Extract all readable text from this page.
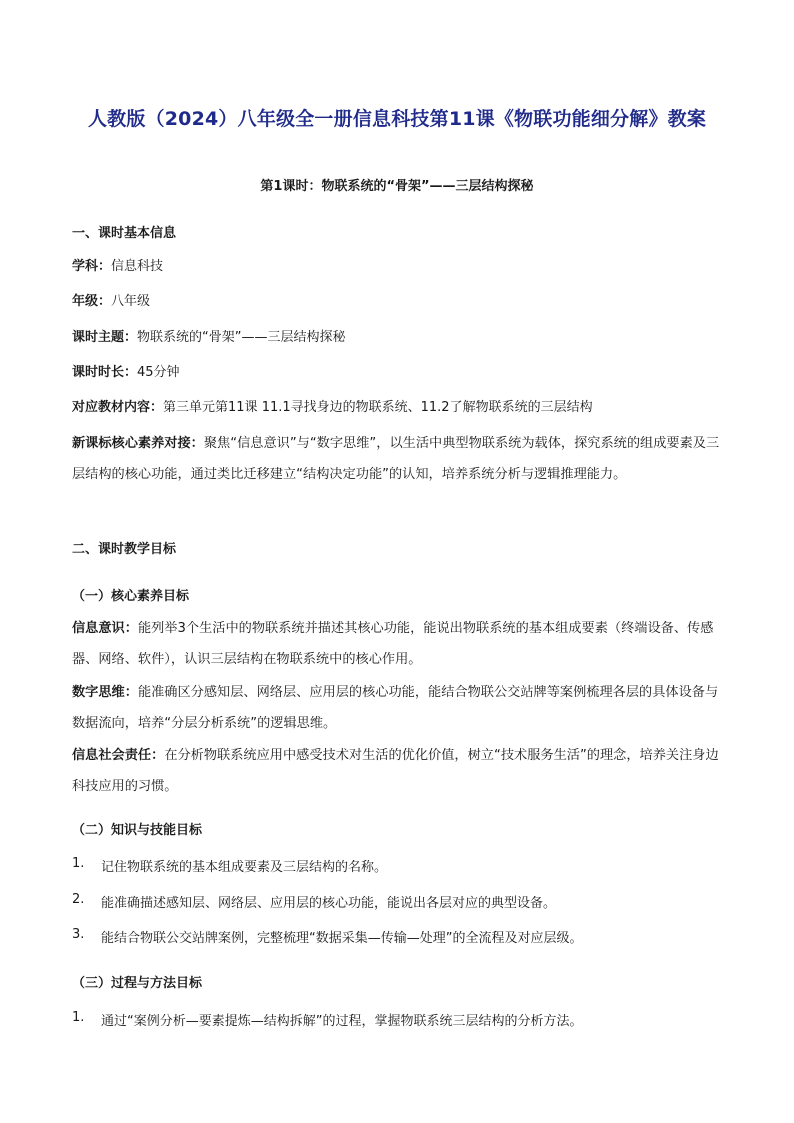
人教版（2024）八年级全一册信息科技第11课《物联功能细分解》教案
第1课时：物联系统的“骨架”——三层结构探秘
一、课时基本信息
学科：信息科技
年级：八年级
课时主题：物联系统的“骨架”——三层结构探秘
课时时长：45分钟
对应教材内容：第三单元第11课 11.1寻找身边的物联系统、11.2了解物联系统的三层结构
新课标核心素养对接：聚焦“信息意识”与“数字思维”，以生活中典型物联系统为载体，探究系统的组成要素及三层结构的核心功能，通过类比迁移建立“结构决定功能”的认知，培养系统分析与逻辑推理能力。
二、课时教学目标
（一）核心素养目标
信息意识：能列举3个生活中的物联系统并描述其核心功能，能说出物联系统的基本组成要素（终端设备、传感器、网络、软件），认识三层结构在物联系统中的核心作用。
数字思维：能准确区分感知层、网络层、应用层的核心功能，能结合物联公交站牌等案例梳理各层的具体设备与数据流向，培养“分层分析系统”的逻辑思维。
信息社会责任：在分析物联系统应用中感受技术对生活的优化价值，树立“技术服务生活”的理念，培养关注身边科技应用的习惯。
（二）知识与技能目标
1. 记住物联系统的基本组成要素及三层结构的名称。
2. 能准确描述感知层、网络层、应用层的核心功能，能说出各层对应的典型设备。
3. 能结合物联公交站牌案例，完整梳理“数据采集—传输—处理”的全流程及对应层级。
（三）过程与方法目标
1. 通过“案例分析—要素提炼—结构拆解”的过程，掌握物联系统三层结构的分析方法。
